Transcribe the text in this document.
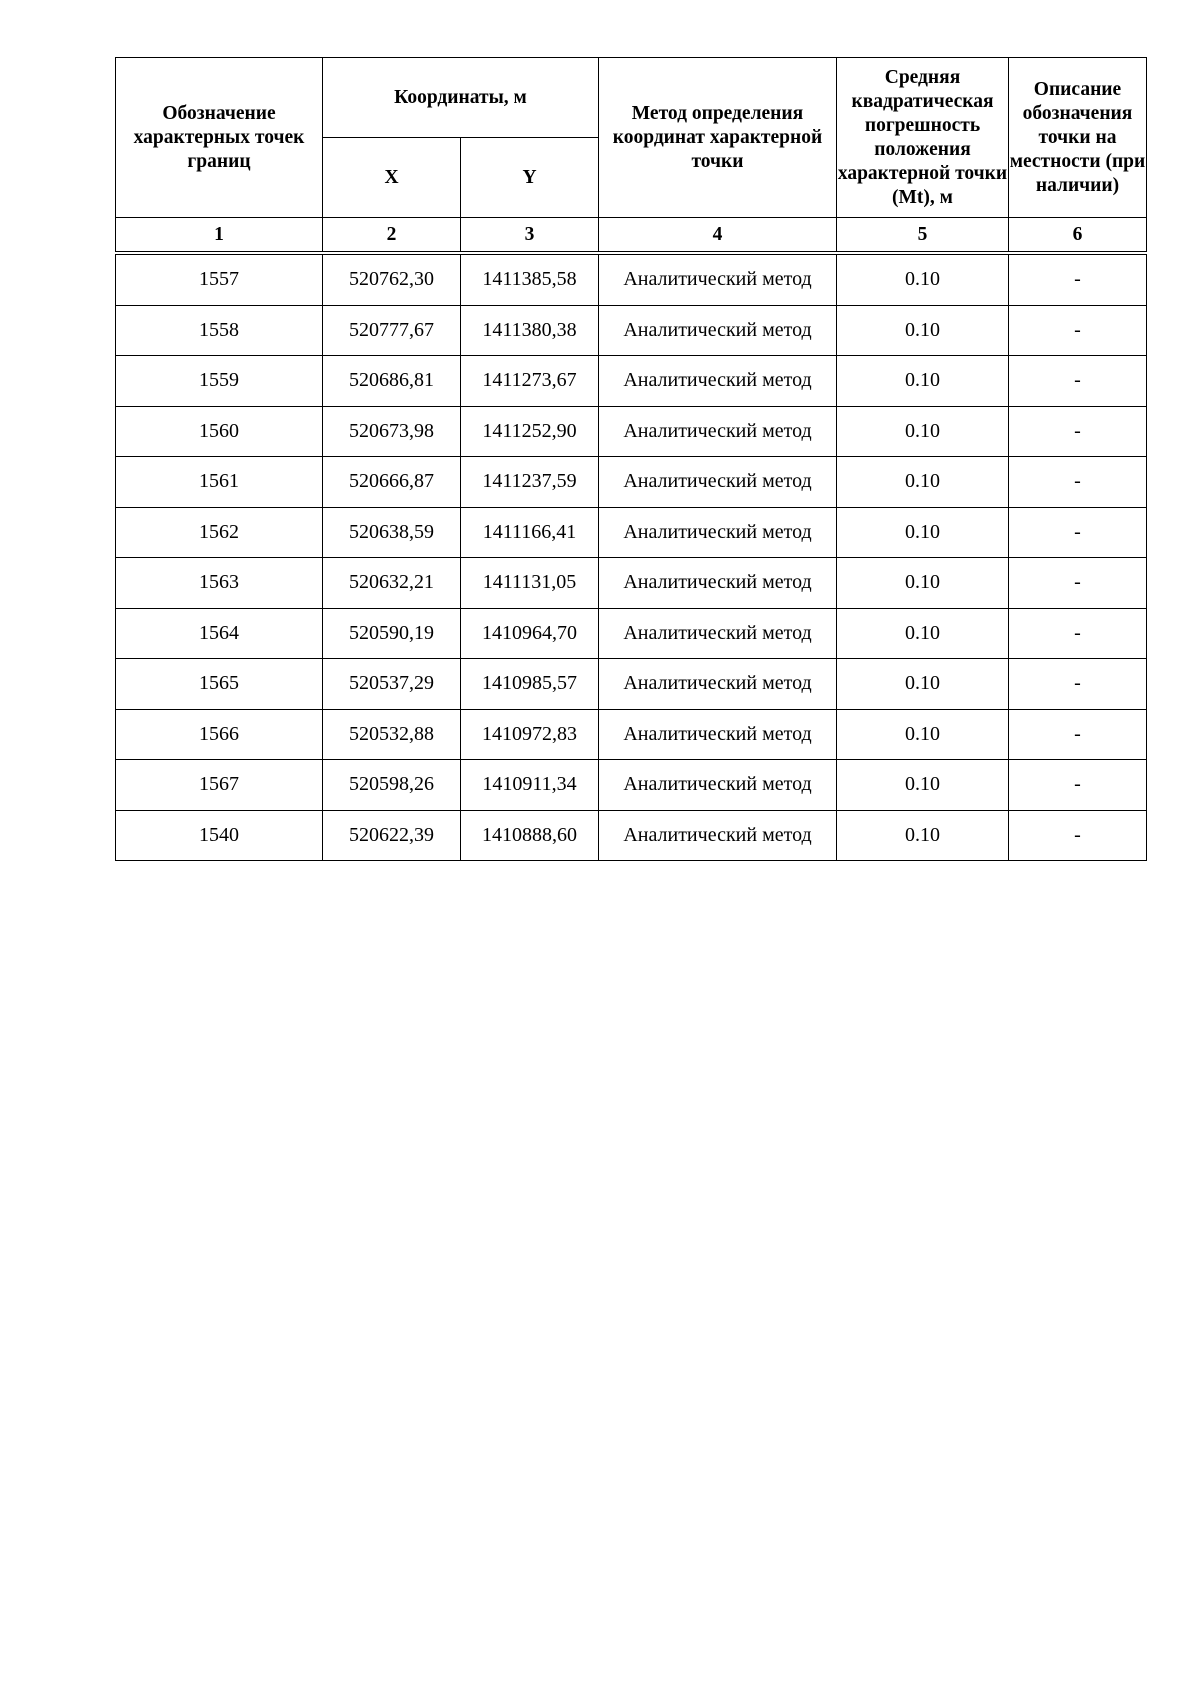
Обозначение характерных точек границ	Координаты, м		Метод определения координат характерной точки	Средняя квадратическая погрешность положения характерной точки (Mt), м	Описание обозначения точки на местности (при наличии)
	X	Y			
1	2	3	4	5	6
1557	520762,30	1411385,58	Аналитический метод	0.10	-
1558	520777,67	1411380,38	Аналитический метод	0.10	-
1559	520686,81	1411273,67	Аналитический метод	0.10	-
1560	520673,98	1411252,90	Аналитический метод	0.10	-
1561	520666,87	1411237,59	Аналитический метод	0.10	-
1562	520638,59	1411166,41	Аналитический метод	0.10	-
1563	520632,21	1411131,05	Аналитический метод	0.10	-
1564	520590,19	1410964,70	Аналитический метод	0.10	-
1565	520537,29	1410985,57	Аналитический метод	0.10	-
1566	520532,88	1410972,83	Аналитический метод	0.10	-
1567	520598,26	1410911,34	Аналитический метод	0.10	-
1540	520622,39	1410888,60	Аналитический метод	0.10	-
